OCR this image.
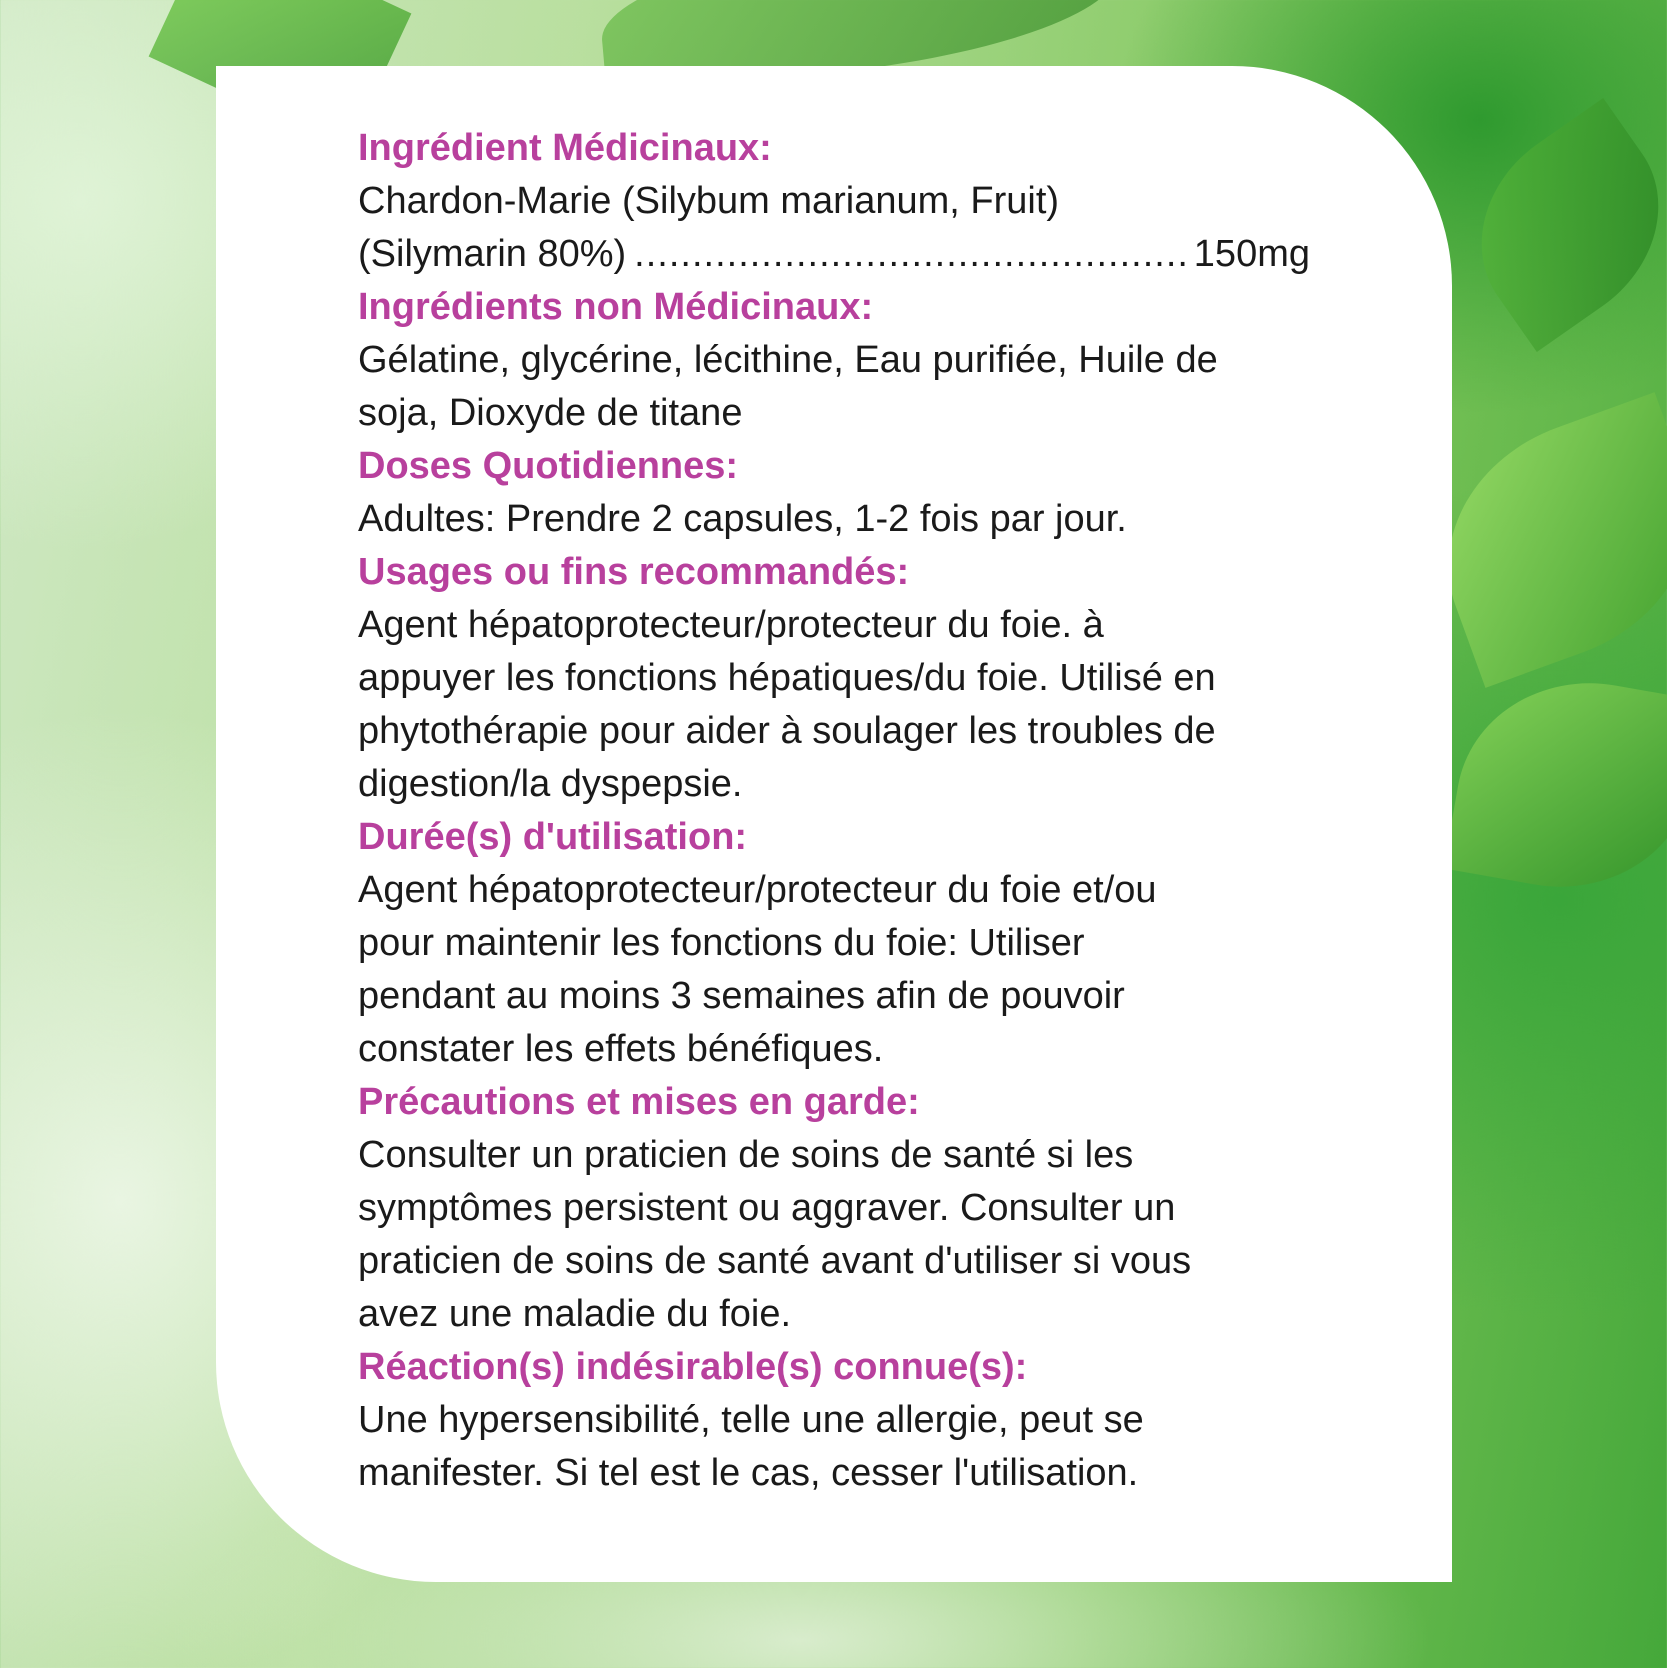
Ingrédient Médicinaux:
Chardon-Marie (Silybum marianum, Fruit)
(Silymarin 80%)
.....	150mg
Ingrédients non Médicinaux:
Gélatine, glycérine, lécithine, Eau purifiée, Huile de
soja, Dioxyde de titane
Doses Quotidiennes:
Adultes: Prendre 2 capsules, 1-2 fois par jour.
Usages ou fins recommandés:
Agent hépatoprotecteur/protecteur du foie. à
appuyer les fonctions hépatiques/du foie. Utilisé en
phytothérapie pour aider à soulager les troubles de
digestion/la dyspepsie.
Durée(s) d'utilisation:
Agent hépatoprotecteur/protecteur du foie et/ou
pour maintenir les fonctions du foie: Utiliser
pendant au moins 3 semaines afin de pouvoir
constater les effets bénéfiques.
Précautions et mises en garde:
Consulter un praticien de soins de santé si les
symptômes persistent ou aggraver. Consulter un
praticien de soins de santé avant d'utiliser si vous
avez une maladie du foie.
Réaction(s) indésirable(s) connue(s):
Une hypersensibilité, telle une allergie, peut se
manifester. Si tel est le cas, cesser l'utilisation.
